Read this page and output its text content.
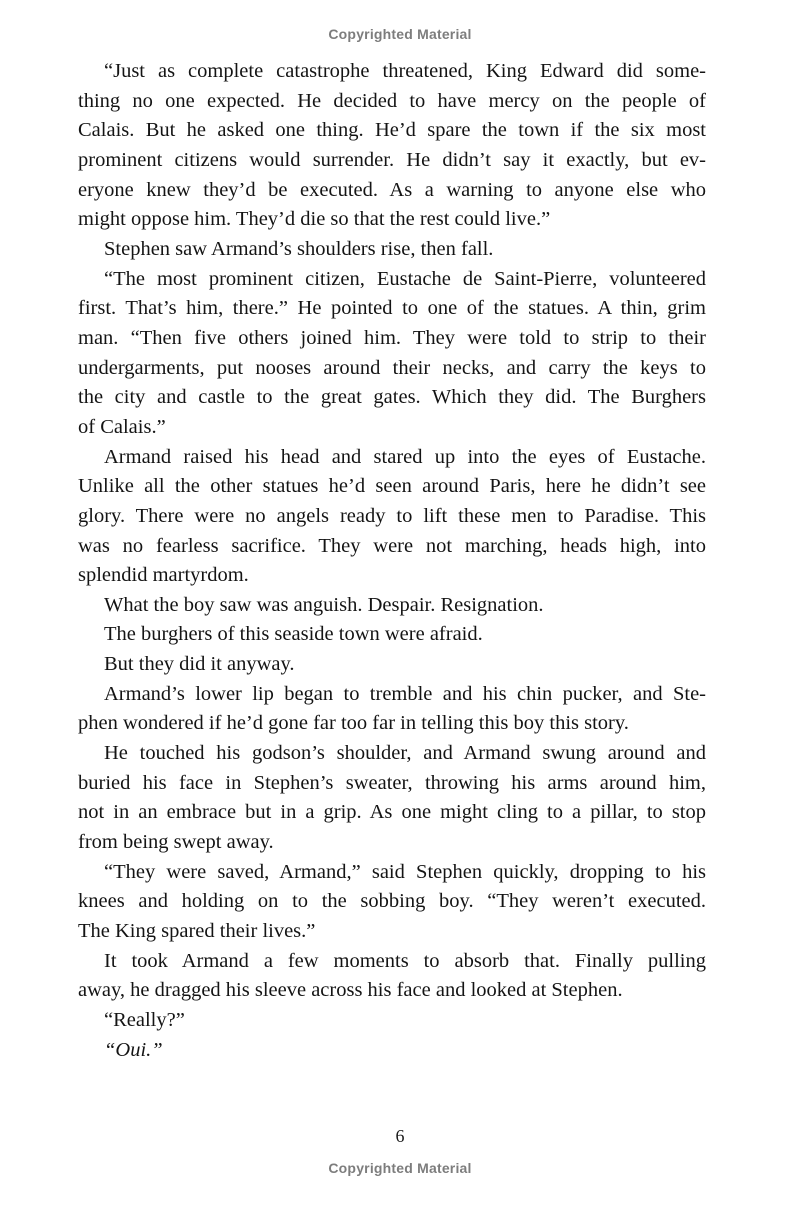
Copyrighted Material
“Just as complete catastrophe threatened, King Edward did some-
thing no one expected. He decided to have mercy on the people of
Calais. But he asked one thing. He’d spare the town if the six most
prominent citizens would surrender. He didn’t say it exactly, but ev-
eryone knew they’d be executed. As a warning to anyone else who
might oppose him. They’d die so that the rest could live.”
Stephen saw Armand’s shoulders rise, then fall.
“The most prominent citizen, Eustache de Saint-Pierre, volunteered
first. That’s him, there.” He pointed to one of the statues. A thin, grim
man. “Then five others joined him. They were told to strip to their
undergarments, put nooses around their necks, and carry the keys to
the city and castle to the great gates. Which they did. The Burghers
of Calais.”
Armand raised his head and stared up into the eyes of Eustache.
Unlike all the other statues he’d seen around Paris, here he didn’t see
glory. There were no angels ready to lift these men to Paradise. This
was no fearless sacrifice. They were not marching, heads high, into
splendid martyrdom.
What the boy saw was anguish. Despair. Resignation.
The burghers of this seaside town were afraid.
But they did it anyway.
Armand’s lower lip began to tremble and his chin pucker, and Ste-
phen wondered if he’d gone far too far in telling this boy this story.
He touched his godson’s shoulder, and Armand swung around and
buried his face in Stephen’s sweater, throwing his arms around him,
not in an embrace but in a grip. As one might cling to a pillar, to stop
from being swept away.
“They were saved, Armand,” said Stephen quickly, dropping to his
knees and holding on to the sobbing boy. “They weren’t executed.
The King spared their lives.”
It took Armand a few moments to absorb that. Finally pulling
away, he dragged his sleeve across his face and looked at Stephen.
“Really?”
“Oui.”
6
Copyrighted Material
